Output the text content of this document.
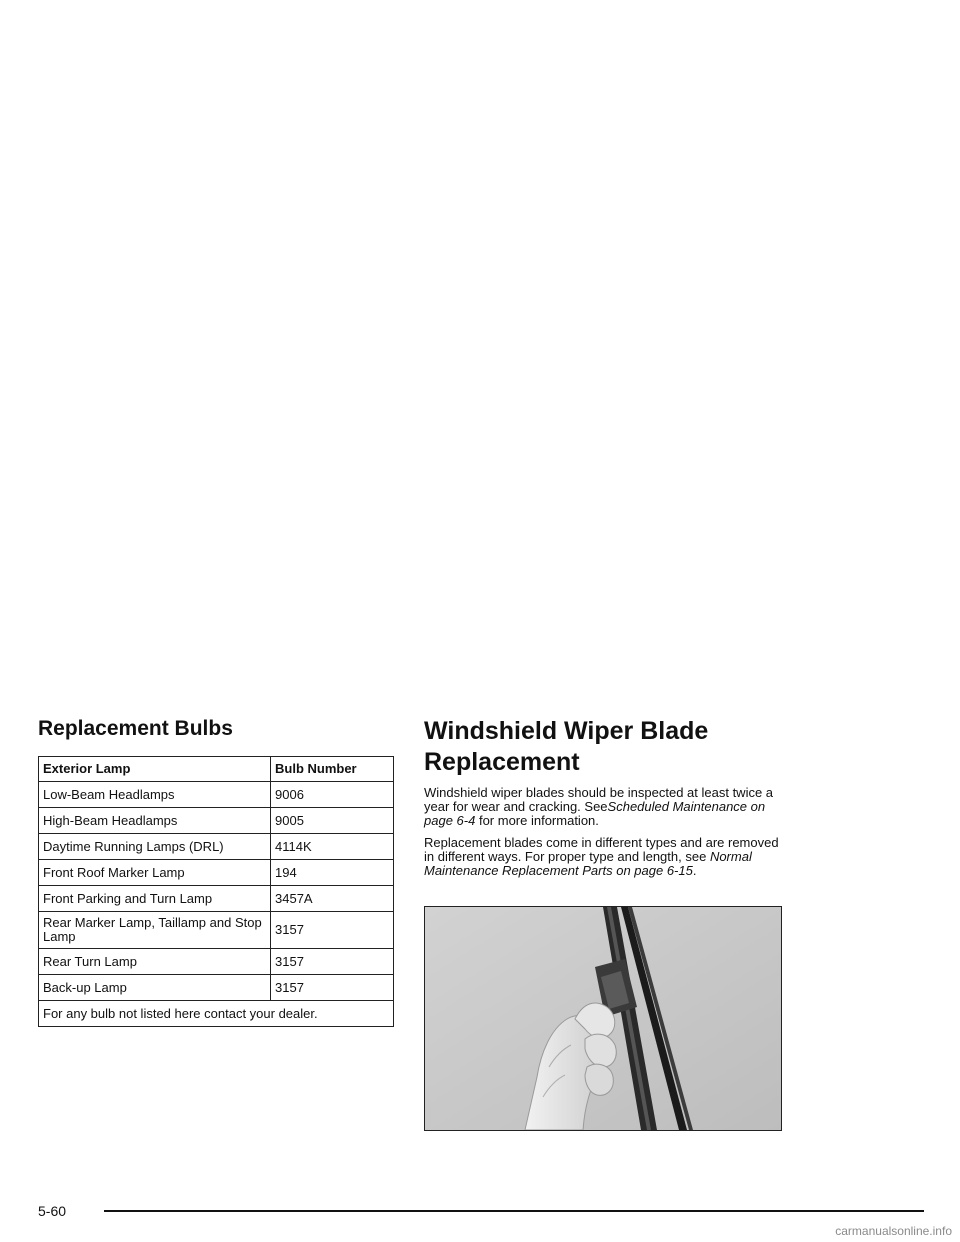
Replacement Bulbs
Exterior Lamp	Bulb Number
Low-Beam Headlamps	9006
High-Beam Headlamps	9005
Daytime Running Lamps (DRL)	4114K
Front Roof Marker Lamp	194
Front Parking and Turn Lamp	3457A
Rear Marker Lamp, Taillamp and Stop Lamp	3157
Rear Turn Lamp	3157
Back-up Lamp	3157
For any bulb not listed here contact your dealer.	
Windshield Wiper Blade
Replacement

Windshield wiper blades should be inspected at least twice a year for wear and cracking. SeeScheduled Maintenance on page 6-4 for more information.

Replacement blades come in different types and are removed in different ways. For proper type and length, see Normal Maintenance Replacement Parts on page 6-15.

5-60
carmanualsonline.info
